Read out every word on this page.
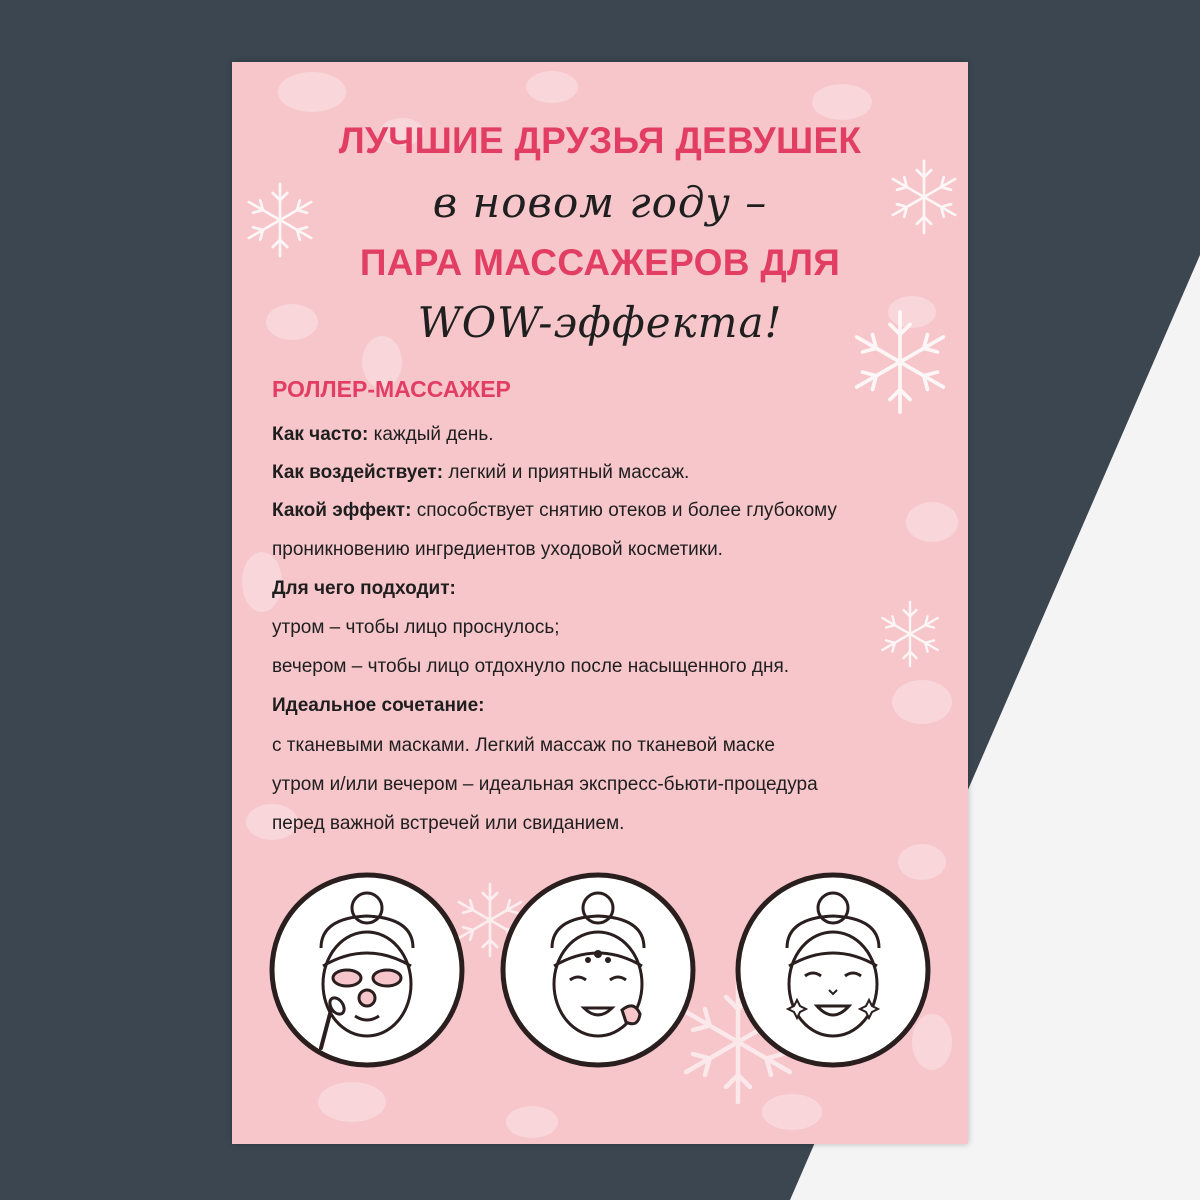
ЛУЧШИЕ ДРУЗЬЯ ДЕВУШЕК
в новом году –
ПАРА МАССАЖЕРОВ ДЛЯ
WOW-эффекта!
РОЛЛЕР-МАССАЖЕР
Как часто: каждый день.
Как воздействует: легкий и приятный массаж.
Какой эффект: способствует снятию отеков и более глубокому
проникновению ингредиентов уходовой косметики.
Для чего подходит:
утром – чтобы лицо проснулось;
вечером – чтобы лицо отдохнуло после насыщенного дня.
Идеальное сочетание:
с тканевыми масками. Легкий массаж по тканевой маске
утром и/или вечером – идеальная экспресс-бьюти-процедура
перед важной встречей или свиданием.
